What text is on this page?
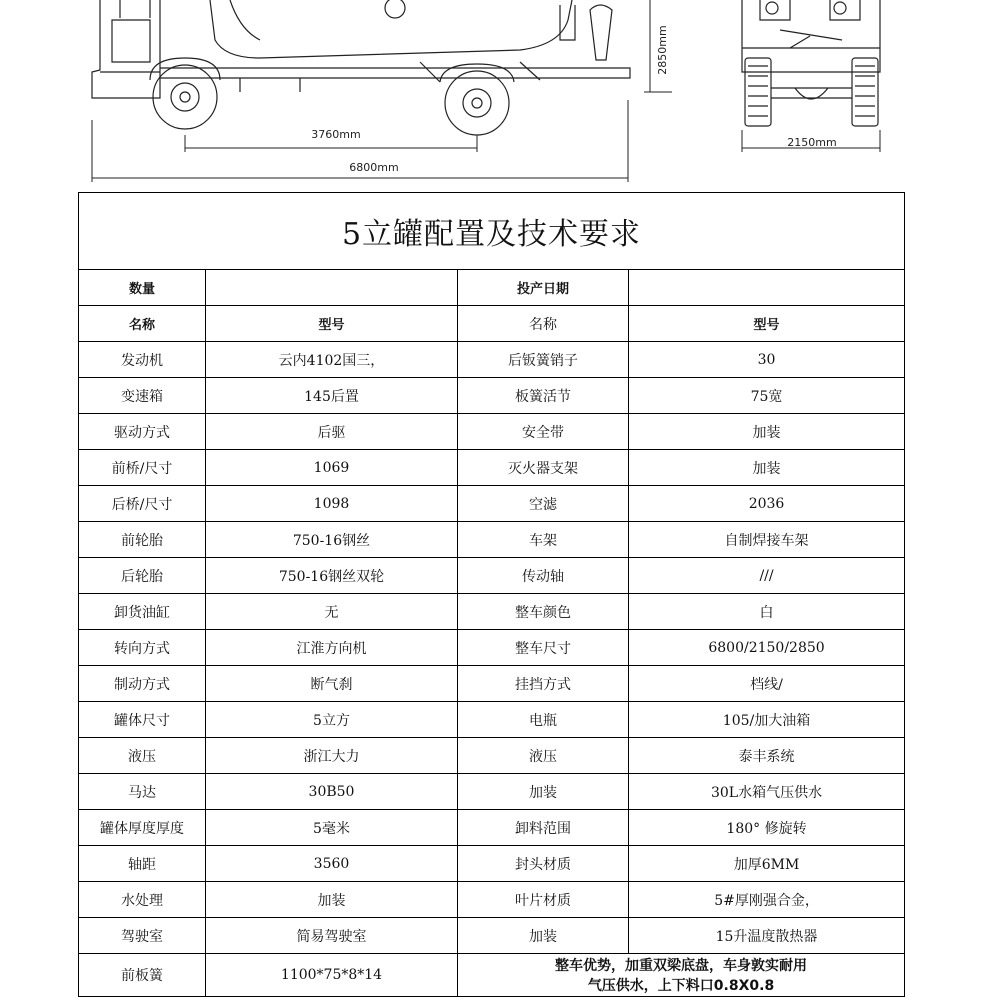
2850mm
3760mm
6800mm
2150mm
5立罐配置及技术要求			
数量		投产日期	
名称	型号	名称	型号
发动机	云内4102国三，	后钣簧销子	30
变速箱	145后置	板簧活节	75宽
驱动方式	后驱	安全带	加装
前桥/尺寸	1069	灭火器支架	加装
后桥/尺寸	1098	空滤	2036
前轮胎	750-16钢丝	车架	自制焊接车架
后轮胎	750-16钢丝双轮	传动轴	///
卸货油缸	无	整车颜色	白
转向方式	江淮方向机	整车尺寸	6800/2150/2850
制动方式	断气刹	挂挡方式	档线/
罐体尺寸	5立方	电瓶	105/加大油箱
液压	浙江大力	液压	泰丰系统
马达	30B50	加装	30L水箱气压供水
罐体厚度厚度	5毫米	卸料范围	180° 修旋转
轴距	3560	封头材质	加厚6MM
水处理	加装	叶片材质	5#厚刚强合金，
驾驶室	简易驾驶室	加装	15升温度散热器
前板簧	1100*75*8*14	整车优势，加重双梁底盘，车身敦实耐用
气压供水，上下料口0.8X0.8	
